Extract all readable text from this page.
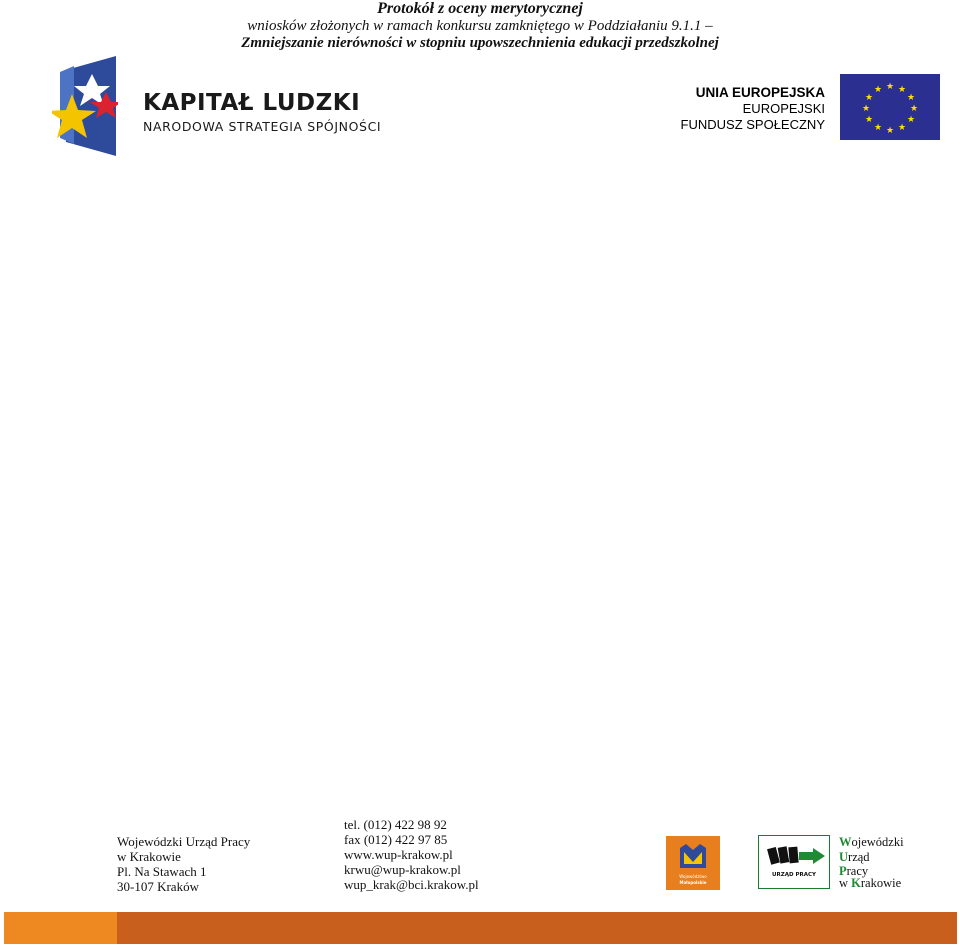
Protokół z oceny merytorycznej
wniosków złożonych w ramach konkursu zamkniętego w Poddziałaniu 9.1.1 –
Zmniejszanie nierówności w stopniu upowszechnienia edukacji przedszkolnej
KAPITAŁ LUDZKI
NARODOWA STRATEGIA SPÓJNOŚCI
UNIA EUROPEJSKA
EUROPEJSKI
FUNDUSZ SPOŁECZNY
★ ★
★
★
★
★
★
★
★
★
★
★
Wojewódzki Urząd Pracy
w Krakowie
Pl. Na Stawach 1
30-107 Kraków
tel. (012) 422 98 92
fax (012) 422 97 85
www.wup-krakow.pl
krwu@wup-krakow.pl
wup_krak@bci.krakow.pl
Województwo
Małopolskie
URZĄD PRACY
Wojewódzki
Urząd
Pracy
w Krakowie
